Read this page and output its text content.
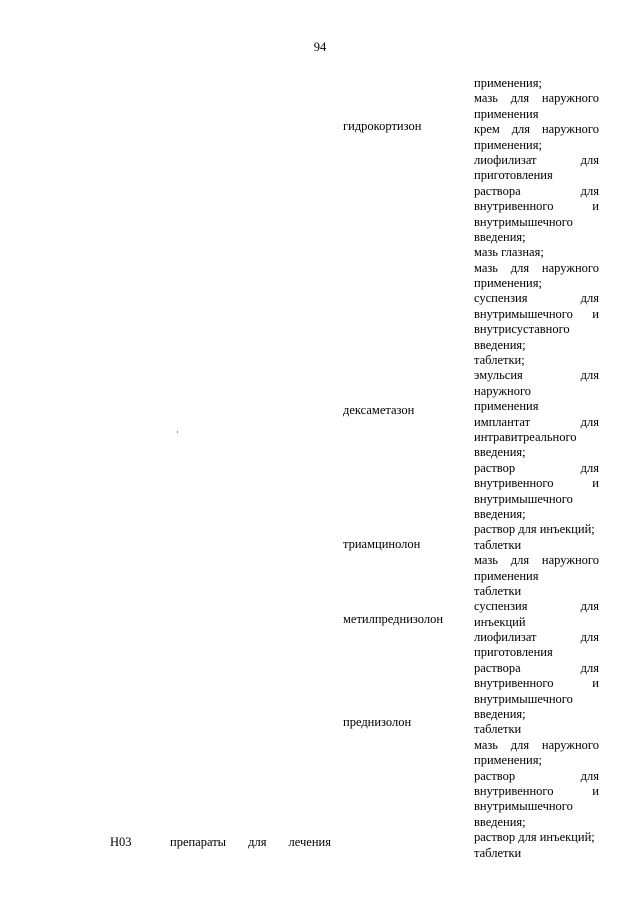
94
гидрокортизон
дексаметазон
триамцинолон
метилпреднизолон
преднизолон
применения;
мазь для наружного
применения
крем для наружного
применения;
лиофилизат для
приготовления
раствора для
внутривенного и
внутримышечного
введения;
мазь глазная;
мазь для наружного
применения;
суспензия для
внутримышечного и
внутрисуставного
введения;
таблетки;
эмульсия для
наружного
применения
имплантат для
интравитреального
введения;
раствор для
внутривенного и
внутримышечного
введения;
раствор для инъекций;
таблетки
мазь для наружного
применения
таблетки
суспензия для
инъекций
лиофилизат для
приготовления
раствора для
внутривенного и
внутримышечного
введения;
таблетки
мазь для наружного
применения;
раствор для
внутривенного и
внутримышечного
введения;
раствор для инъекций;
таблетки
H03	препараты для лечения
